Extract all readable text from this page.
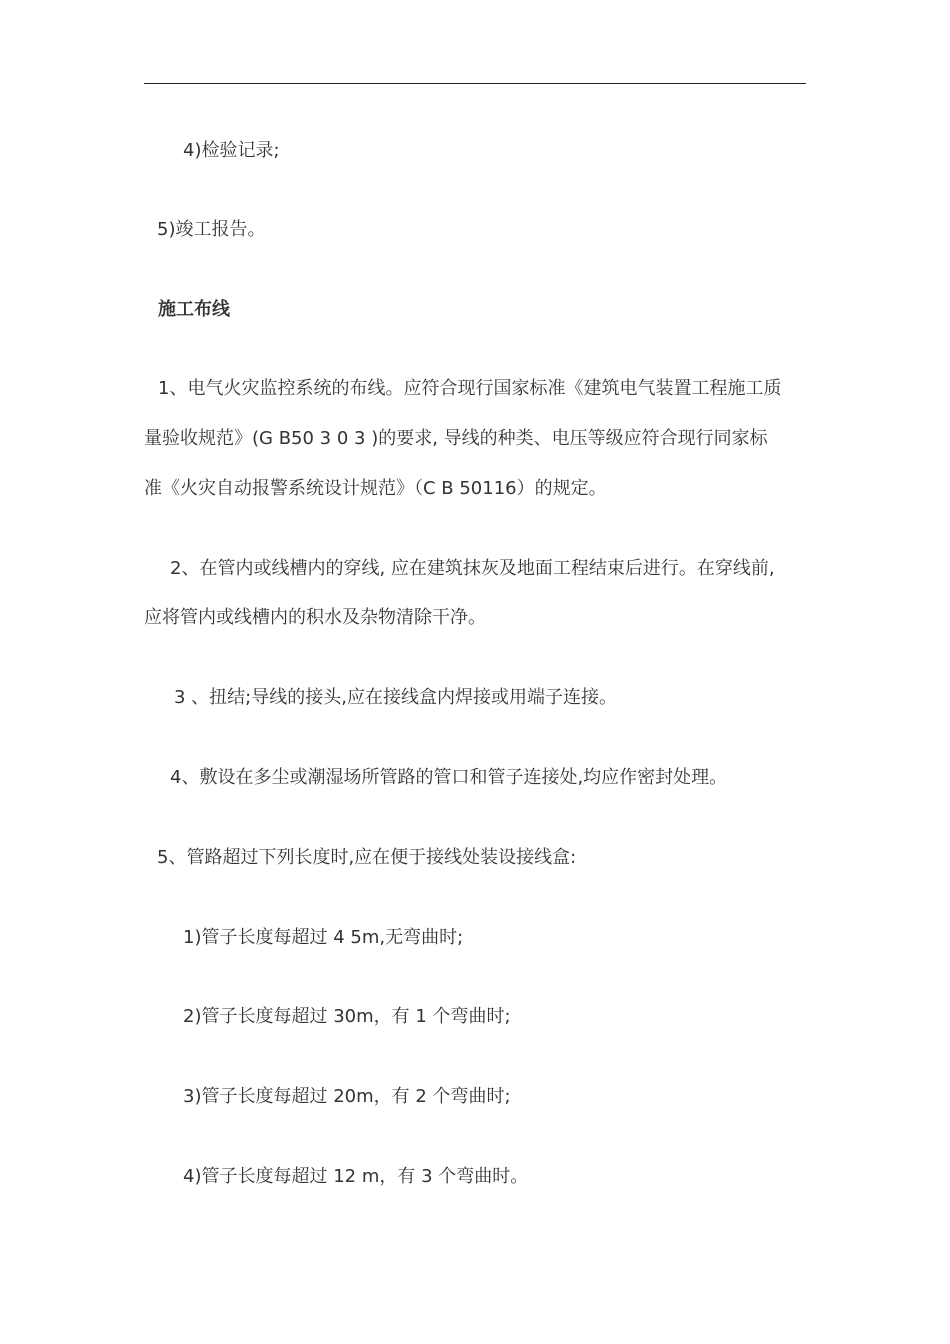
4)检验记录;
5)竣工报告。
施工布线
1、电气火灾监控系统的布线。应符合现行国家标准《建筑电气装置工程施工质
量验收规范》(G B50 3 0 3 )的要求, 导线的种类、电压等级应符合现行同家标
准《火灾自动报警系统设计规范》（C B 50116）的规定。
2、在管内或线槽内的穿线, 应在建筑抹灰及地面工程结束后进行。在穿线前,
应将管内或线槽内的积水及杂物清除干净。
3 、扭结;导线的接头,应在接线盒内焊接或用端子连接。
4、敷设在多尘或潮湿场所管路的管口和管子连接处,均应作密封处理。
5、管路超过下列长度时,应在便于接线处装设接线盒:
1)管子长度每超过 4 5m,无弯曲时;
2)管子长度每超过 30m，有 1 个弯曲时;
3)管子长度每超过 20m，有 2 个弯曲时;
4)管子长度每超过 12 m，有 3 个弯曲时。
